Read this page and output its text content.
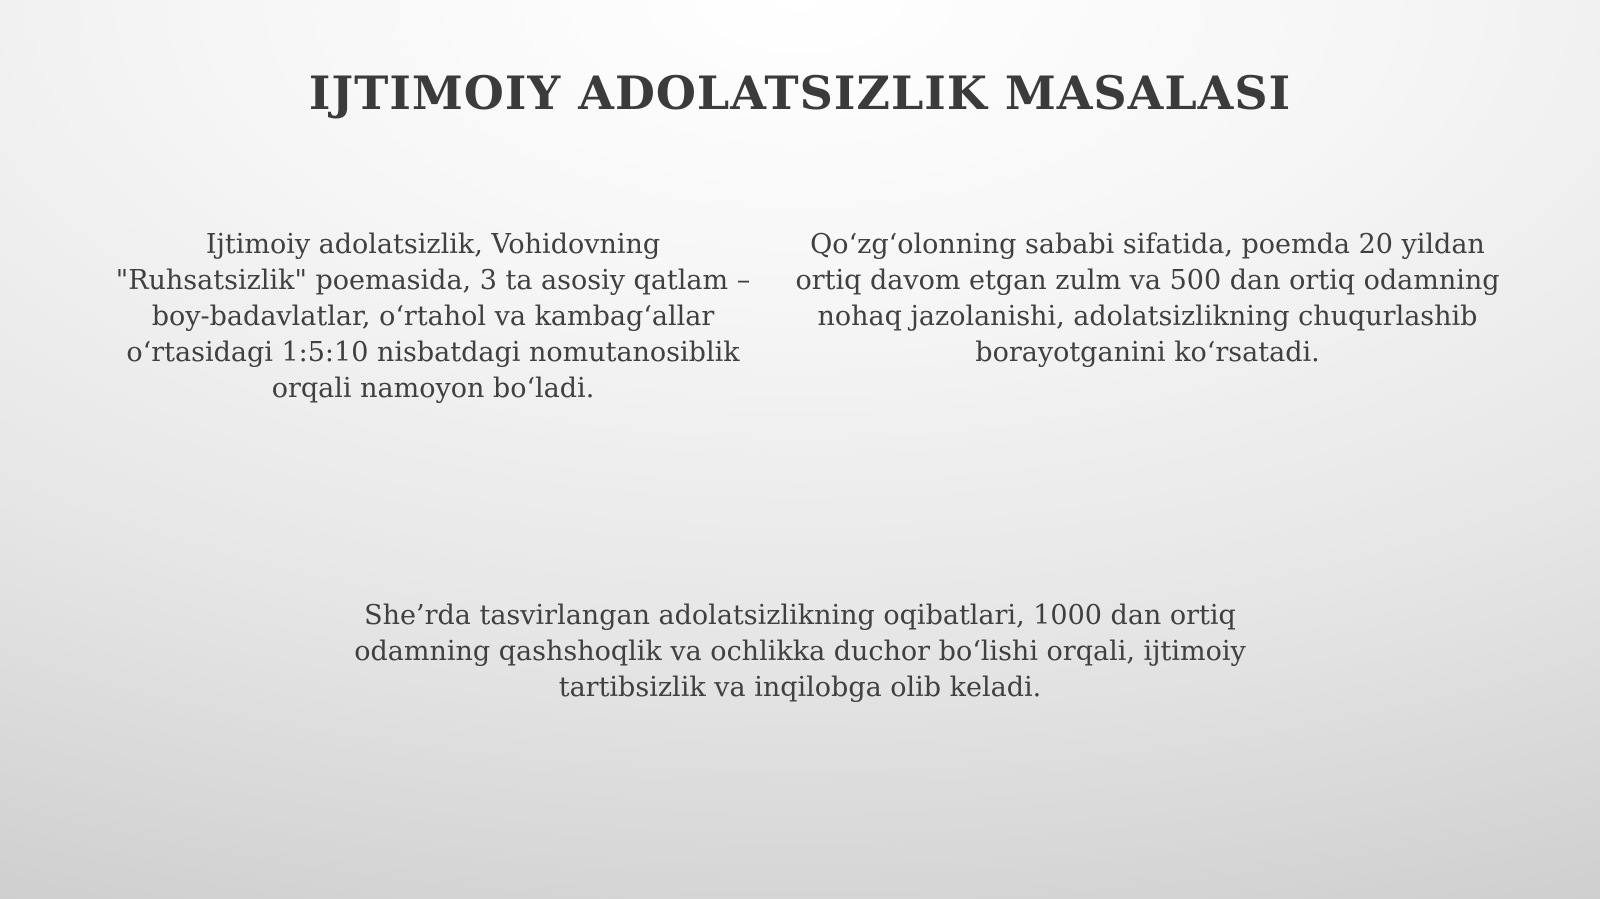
IJTIMOIY ADOLATSIZLIK MASALASI

Ijtimoiy adolatsizlik, Vohidovning "Ruhsatsizlik" poemasida, 3 ta asosiy qatlam – boy-badavlatlar, o‘rtahol va kambag‘allar o‘rtasidagi 1:5:10 nisbatdagi nomutanosiblik orqali namoyon bo‘ladi.

Qo‘zg‘olonning sababi sifatida, poemda 20 yildan ortiq davom etgan zulm va 500 dan ortiq odamning nohaq jazolanishi, adolatsizlikning chuqurlashib borayotganini ko‘rsatadi.

She’rda tasvirlangan adolatsizlikning oqibatlari, 1000 dan ortiq odamning qashshoqlik va ochlikka duchor bo‘lishi orqali, ijtimoiy tartibsizlik va inqilobga olib keladi.
